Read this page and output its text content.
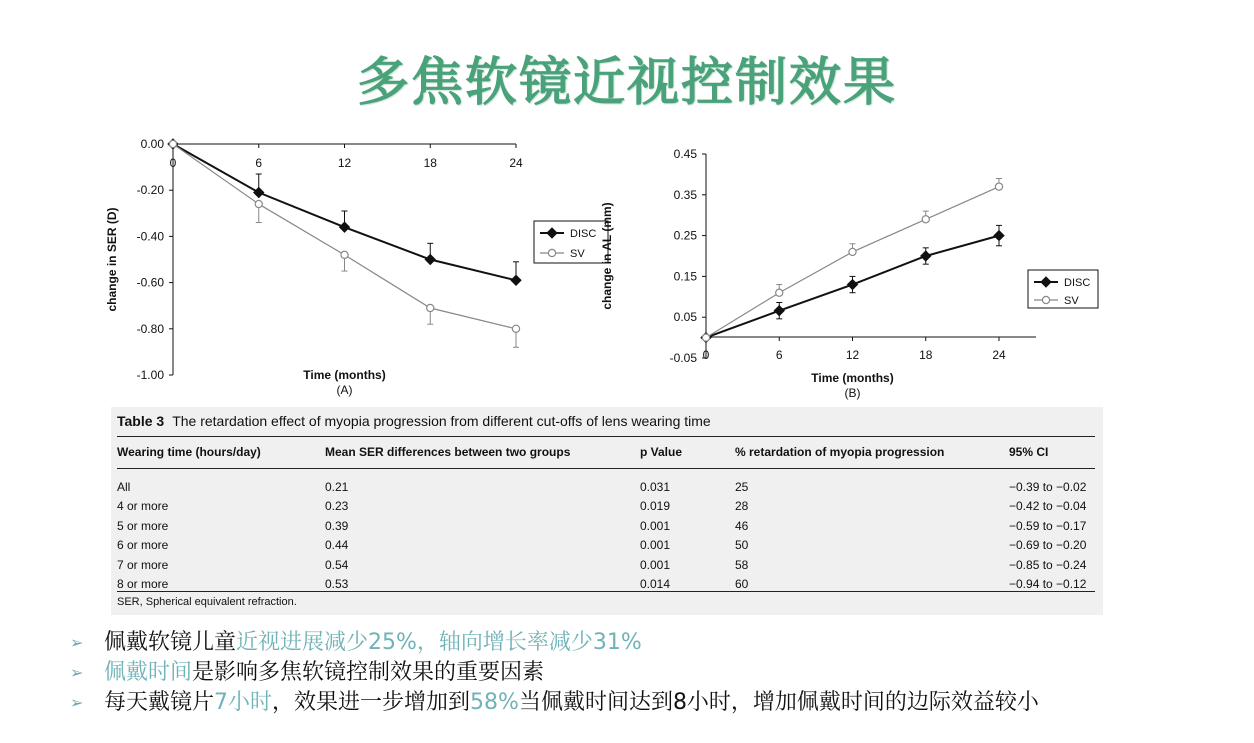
多焦软镜近视控制效果
0.00
-0.20
-0.40
-0.60
-0.80
-1.00
0	6	12	18	24
Time (months)
change in SER (D)
(A)
DISC
SV
0.45
0.35
0.25
0.15
0.05
-0.05 0	6	12	18	24
Time (months)
change in AL (mm)
(B)
DISC
SV
Table 3 The retardation effect of myopia progression from different cut-offs of lens wearing time
Wearing time (hours/day)	Mean SER differences between two groups	p Value	% retardation of myopia progression	95% CI
All	0.21	0.031	25	−0.39 to −0.02
4 or more	0.23	0.019	28	−0.42 to −0.04
5 or more	0.39	0.001	46	−0.59 to −0.17
6 or more	0.44	0.001	50	−0.69 to −0.20
7 or more	0.54	0.001	58	−0.85 to −0.24
8 or more	0.53	0.014	60	−0.94 to −0.12
SER, Spherical equivalent refraction.
➢ 佩戴软镜儿童近视进展减少25%，轴向增长率减少31%
➢ 佩戴时间是影响多焦软镜控制效果的重要因素
➢ 每天戴镜片7小时，效果进一步增加到58%当佩戴时间达到8小时，增加佩戴时间的边际效益较小
